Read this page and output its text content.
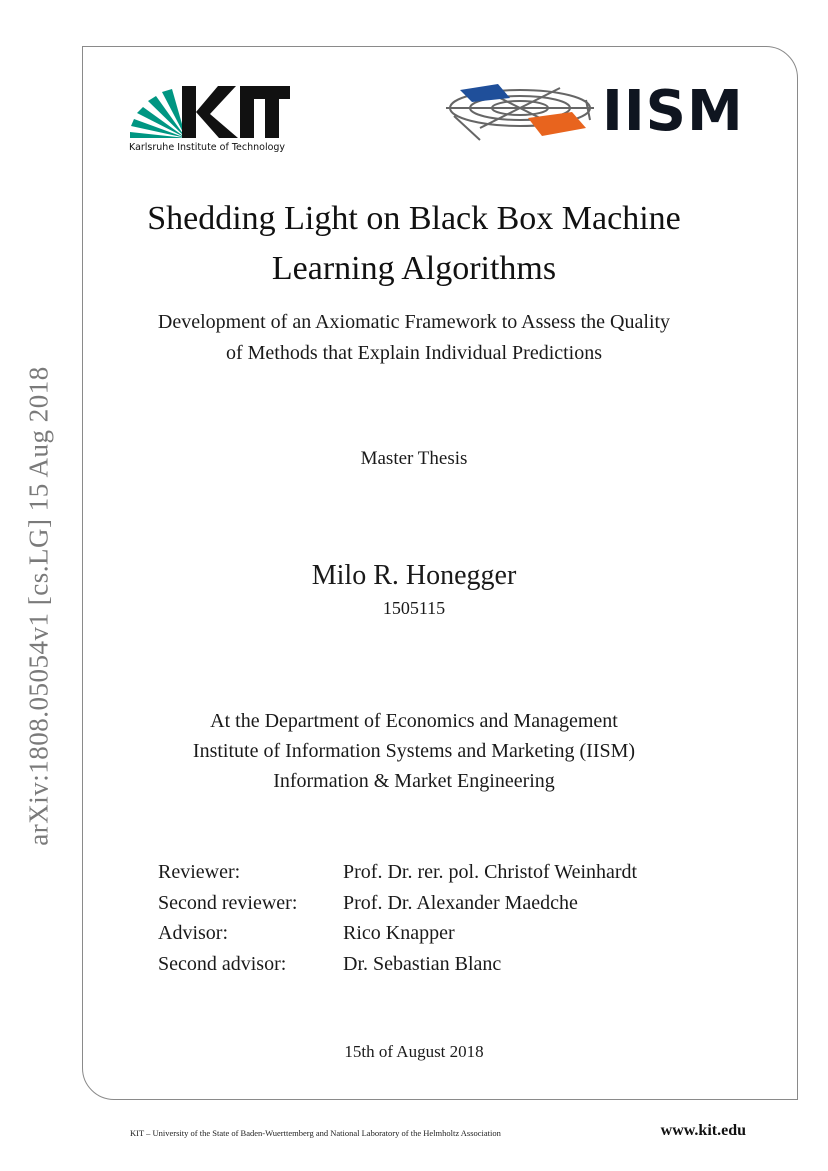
arXiv:1808.05054v1 [cs.LG] 15 Aug 2018
Karlsruhe Institute of Technology
IISM
Shedding Light on Black Box Machine
Learning Algorithms
Development of an Axiomatic Framework to Assess the Quality
of Methods that Explain Individual Predictions
Master Thesis
Milo R. Honegger
1505115
At the Department of Economics and Management
Institute of Information Systems and Marketing (IISM)
Information & Market Engineering
Reviewer:	Prof. Dr. rer. pol. Christof Weinhardt
Second reviewer:	Prof. Dr. Alexander Maedche
Advisor:	Rico Knapper
Second advisor:	Dr. Sebastian Blanc
15th of August 2018
KIT – University of the State of Baden-Wuerttemberg and National Laboratory of the Helmholtz Association	www.kit.edu
